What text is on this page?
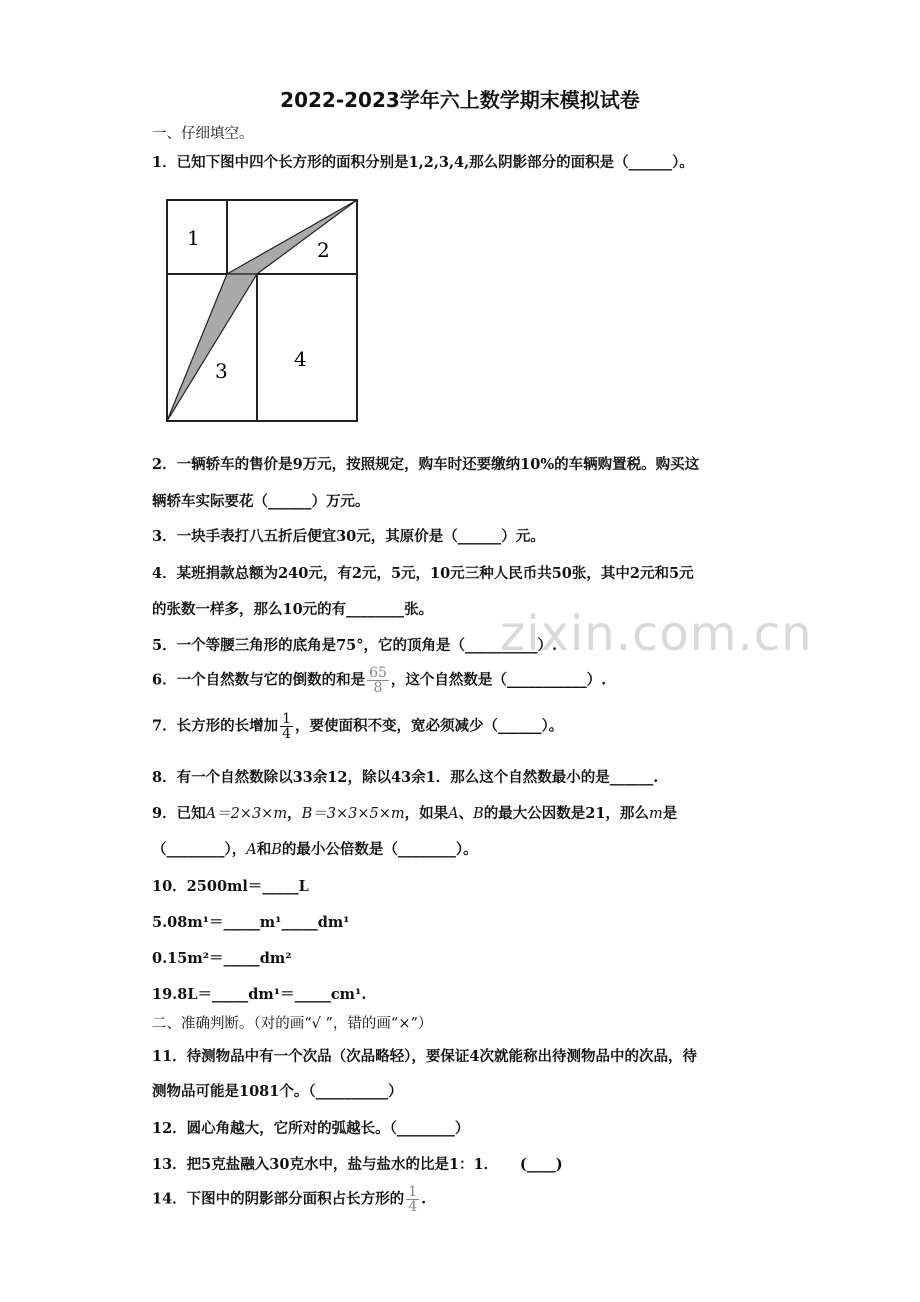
2022-2023学年六上数学期末模拟试卷
zixin.com.cn
一、仔细填空。
1．已知下图中四个长方形的面积分别是1,2,3,4,那么阴影部分的面积是（______）。
1	2
3	4
2．一辆轿车的售价是9万元，按照规定，购车时还要缴纳10%的车辆购置税。购买这
辆轿车实际要花（______）万元。
3．一块手表打八五折后便宜30元，其原价是（______）元。
4．某班捐款总额为240元，有2元，5元，10元三种人民币共50张，其中2元和5元
的张数一样多，那么10元的有________张。
5．一个等腰三角形的底角是75°，它的顶角是（__________）.
6．一个自然数与它的倒数的和是 $\frac{65}{8}$ ，这个自然数是（___________）.
7．长方形的长增加 $\frac{1}{4}$ ，要使面积不变，宽必须减少（______）。
8．有一个自然数除以33余12，除以43余1．那么这个自然数最小的是______.
9．已知A＝2×3×m，B＝3×3×5×m，如果A、B的最大公因数是21，那么m是
（________），A和B的最小公倍数是（________）。
10．2500ml＝_____L
5.08m¹＝_____m¹_____dm¹
0.15m²＝_____dm²
19.8L＝_____dm¹＝_____cm¹.
二、准确判断。（对的画“√ ”，错的画“×”）
11．待测物品中有一个次品（次品略轻），要保证4次就能称出待测物品中的次品，待
测物品可能是1081个。（__________）
12．圆心角越大，它所对的弧越长。（________）
13．把5克盐融入30克水中，盐与盐水的比是1：1．　　(____)
14．下图中的阴影部分面积占长方形的 $\frac{1}{4}$ .
